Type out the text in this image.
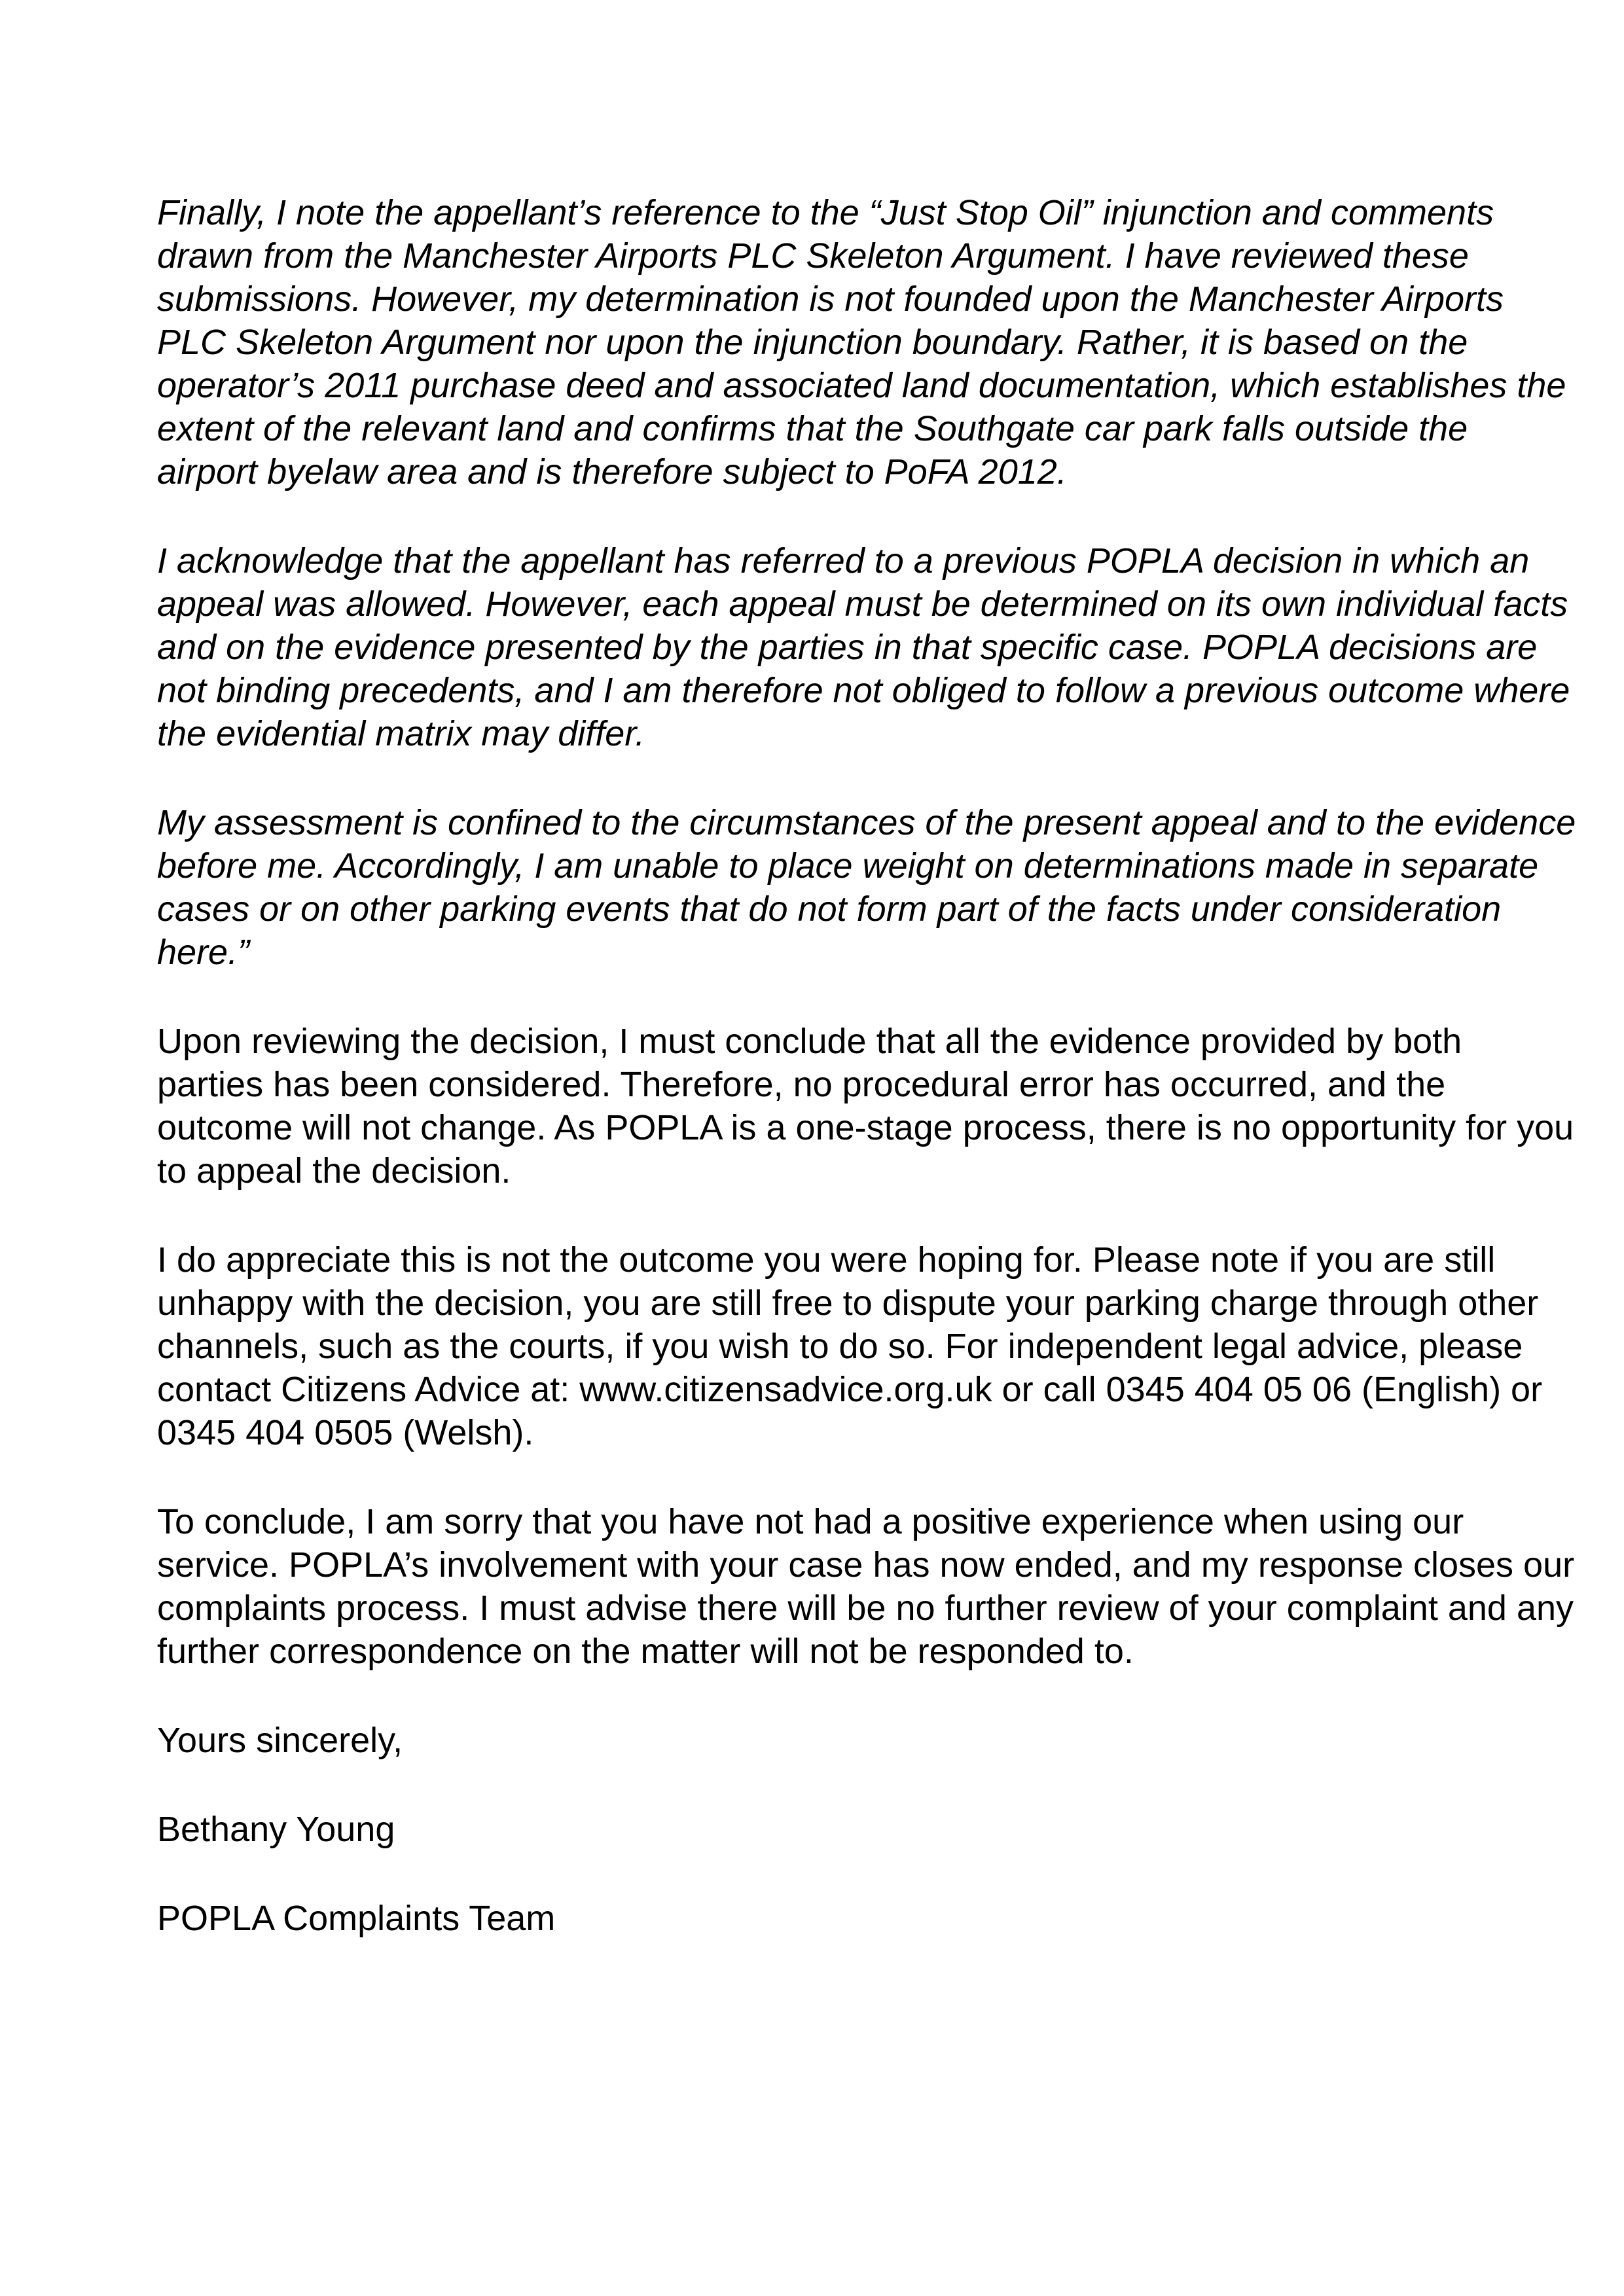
Finally, I note the appellant’s reference to the “Just Stop Oil” injunction and comments
drawn from the Manchester Airports PLC Skeleton Argument. I have reviewed these
submissions. However, my determination is not founded upon the Manchester Airports
PLC Skeleton Argument nor upon the injunction boundary. Rather, it is based on the
operator’s 2011 purchase deed and associated land documentation, which establishes the
extent of the relevant land and confirms that the Southgate car park falls outside the
airport byelaw area and is therefore subject to PoFA 2012.

I acknowledge that the appellant has referred to a previous POPLA decision in which an
appeal was allowed. However, each appeal must be determined on its own individual facts
and on the evidence presented by the parties in that specific case. POPLA decisions are
not binding precedents, and I am therefore not obliged to follow a previous outcome where
the evidential matrix may differ.

My assessment is confined to the circumstances of the present appeal and to the evidence
before me. Accordingly, I am unable to place weight on determinations made in separate
cases or on other parking events that do not form part of the facts under consideration
here.”

Upon reviewing the decision, I must conclude that all the evidence provided by both
parties has been considered. Therefore, no procedural error has occurred, and the
outcome will not change. As POPLA is a one-stage process, there is no opportunity for you
to appeal the decision.

I do appreciate this is not the outcome you were hoping for. Please note if you are still
unhappy with the decision, you are still free to dispute your parking charge through other
channels, such as the courts, if you wish to do so. For independent legal advice, please
contact Citizens Advice at: www.citizensadvice.org.uk or call 0345 404 05 06 (English) or
0345 404 0505 (Welsh).

To conclude, I am sorry that you have not had a positive experience when using our
service. POPLA’s involvement with your case has now ended, and my response closes our
complaints process. I must advise there will be no further review of your complaint and any
further correspondence on the matter will not be responded to.

Yours sincerely,

Bethany Young

POPLA Complaints Team
